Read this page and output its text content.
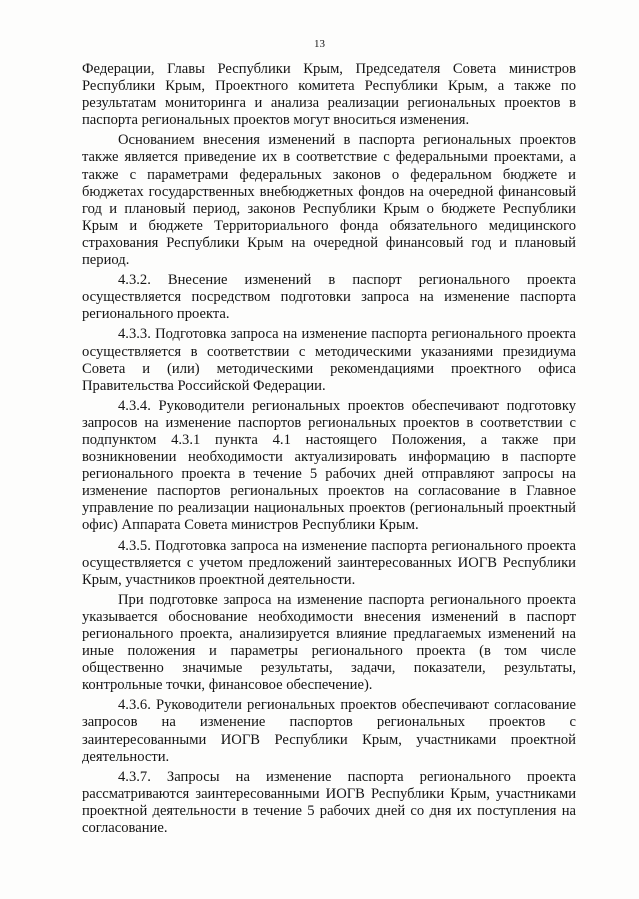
13

Федерации, Главы Республики Крым, Председателя Совета министров Республики Крым, Проектного комитета Республики Крым, а также по результатам мониторинга и анализа реализации региональных проектов в паспорта региональных проектов могут вноситься изменения.

Основанием внесения изменений в паспорта региональных проектов также является приведение их в соответствие с федеральными проектами, а также с параметрами федеральных законов о федеральном бюджете и бюджетах государственных внебюджетных фондов на очередной финансовый год и плановый период, законов Республики Крым о бюджете Республики Крым и бюджете Территориального фонда обязательного медицинского страхования Республики Крым на очередной финансовый год и плановый период.

4.3.2. Внесение изменений в паспорт регионального проекта осуществляется посредством подготовки запроса на изменение паспорта регионального проекта.

4.3.3. Подготовка запроса на изменение паспорта регионального проекта осуществляется в соответствии с методическими указаниями президиума Совета и (или) методическими рекомендациями проектного офиса Правительства Российской Федерации.

4.3.4. Руководители региональных проектов обеспечивают подготовку запросов на изменение паспортов региональных проектов в соответствии с подпунктом 4.3.1 пункта 4.1 настоящего Положения, а также при возникновении необходимости актуализировать информацию в паспорте регионального проекта в течение 5 рабочих дней отправляют запросы на изменение паспортов региональных проектов на согласование в Главное управление по реализации национальных проектов (региональный проектный офис) Аппарата Совета министров Республики Крым.

4.3.5. Подготовка запроса на изменение паспорта регионального проекта осуществляется с учетом предложений заинтересованных ИОГВ Республики Крым, участников проектной деятельности.

При подготовке запроса на изменение паспорта регионального проекта указывается обоснование необходимости внесения изменений в паспорт регионального проекта, анализируется влияние предлагаемых изменений на иные положения и параметры регионального проекта (в том числе общественно значимые результаты, задачи, показатели, результаты, контрольные точки, финансовое обеспечение).

4.3.6. Руководители региональных проектов обеспечивают согласование запросов на изменение паспортов региональных проектов с заинтересованными ИОГВ Республики Крым, участниками проектной деятельности.

4.3.7. Запросы на изменение паспорта регионального проекта рассматриваются заинтересованными ИОГВ Республики Крым, участниками проектной деятельности в течение 5 рабочих дней со дня их поступления на согласование.
